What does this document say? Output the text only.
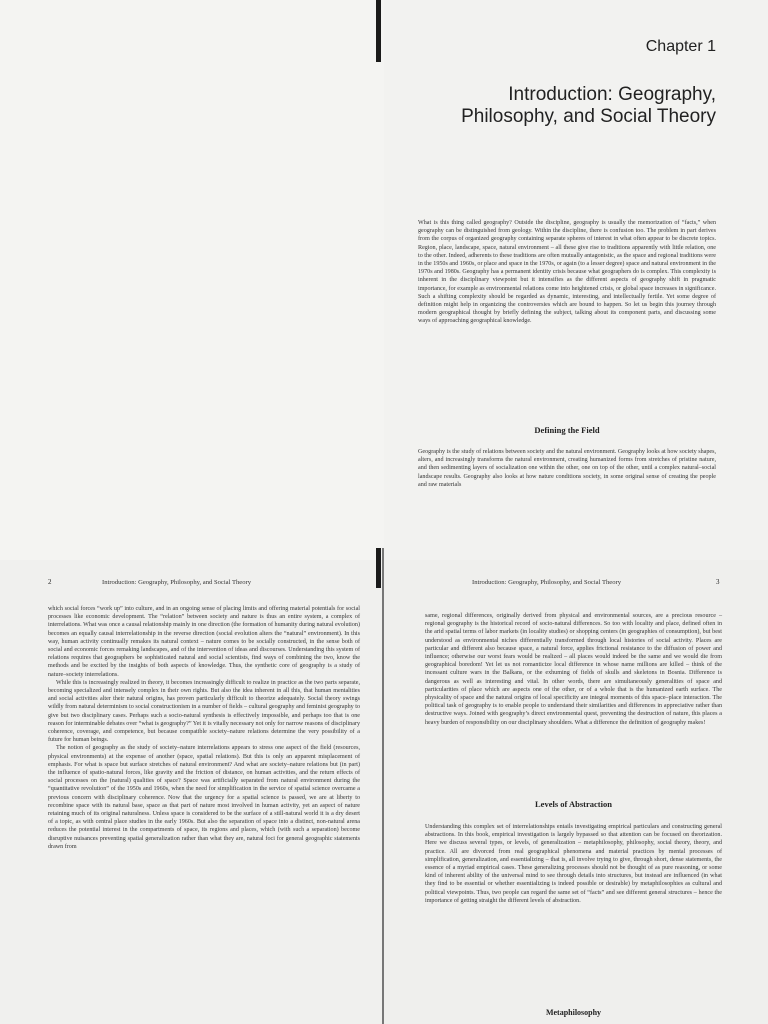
Chapter 1

Introduction: Geography,
Philosophy, and Social Theory

What is this thing called geography? Outside the discipline, geography is usually the memorization of “facts,” when geography can be distinguished from geology. Within the discipline, there is confusion too. The problem in part derives from the corpus of organized geography containing separate spheres of interest in what often appear to be discrete topics. Region, place, landscape, space, natural environment – all these give rise to traditions apparently with little relation, one to the other. Indeed, adherents to these traditions are often mutually antagonistic, as the space and regional traditions were in the 1950s and 1960s, or place and space in the 1970s, or again (to a lesser degree) space and natural environment in the 1970s and 1980s. Geography has a permanent identity crisis because what geographers do is complex. This complexity is inherent in the disciplinary viewpoint but it intensifies as the different aspects of geography shift in pragmatic importance, for example as environmental relations come into heightened crisis, or global space increases in significance. Such a shifting complexity should be regarded as dynamic, interesting, and intellectually fertile. Yet some degree of definition might help in organizing the controversies which are bound to happen. So let us begin this journey through modern geographical thought by briefly defining the subject, talking about its component parts, and discussing some ways of approaching geographical knowledge.

Defining the Field

Geography is the study of relations between society and the natural environment. Geography looks at how society shapes, alters, and increasingly transforms the natural environment, creating humanized forms from stretches of pristine nature, and then sedimenting layers of socialization one within the other, one on top of the other, until a complex natural–social landscape results. Geography also looks at how nature conditions society, in some original sense of creating the people and raw materials

2	Introduction: Geography, Philosophy, and Social Theory

which social forces “work up” into culture, and in an ongoing sense of placing limits and offering material potentials for social processes like economic development. The “relation” between society and nature is thus an entire system, a complex of interrelations. What was once a causal relationship mainly in one direction (the formation of humanity during natural evolution) becomes an equally causal interrelationship in the reverse direction (social evolution alters the “natural” environment). In this way, human activity continually remakes its natural context – nature comes to be socially constructed, in the sense both of social and economic forces remaking landscapes, and of the intervention of ideas and discourses. Understanding this system of relations requires that geographers be sophisticated natural and social scientists, find ways of combining the two, know the methods and be excited by the insights of both aspects of knowledge. Thus, the synthetic core of geography is a study of nature–society interrelations.

While this is increasingly realized in theory, it becomes increasingly difficult to realize in practice as the two parts separate, becoming specialized and intensely complex in their own rights. But also the idea inherent in all this, that human mentalities and social activities alter their natural origins, has proven particularly difficult to theorize adequately. Social theory swings wildly from natural determinism to social constructionism in a number of fields – cultural geography and feminist geography to give but two disciplinary cases. Perhaps such a socio-natural synthesis is effectively impossible, and perhaps too that is one reason for interminable debates over “what is geography?” Yet it is vitally necessary not only for narrow reasons of disciplinary coherence, coverage, and competence, but because compatible society–nature relations determine the very possibility of a future for human beings.

The notion of geography as the study of society–nature interrelations appears to stress one aspect of the field (resources, physical environments) at the expense of another (space, spatial relations). But this is only an apparent misplacement of emphasis. For what is space but surface stretches of natural environment? And what are society–nature relations but (in part) the influence of spatio-natural forces, like gravity and the friction of distance, on human activities, and the return effects of social processes on the (natural) qualities of space? Space was artificially separated from natural environment during the “quantitative revolution” of the 1950s and 1960s, when the need for simplification in the service of spatial science overcame a previous concern with disciplinary coherence. Now that the urgency for a spatial science is passed, we are at liberty to recombine space with its natural base, space as that part of nature most involved in human activity, yet an aspect of nature retaining much of its original naturalness. Unless space is considered to be the surface of a still-natural world it is a dry desert of a topic, as with central place studies in the early 1960s. But also the separation of space into a distinct, non-natural arena reduces the potential interest in the compartments of space, its regions and places, which (with such a separation) become disruptive nuisances preventing spatial generalization rather than what they are, natural foci for general geographic statements drawn from

Introduction: Geography, Philosophy, and Social Theory	3

same, regional differences, originally derived from physical and environmental sources, are a precious resource – regional geography is the historical record of socio-natural differences. So too with locality and place, defined often in the arid spatial terms of labor markets (in locality studies) or shopping centers (in geographies of consumption), but best understood as environmental niches differentially transformed through local histories of social activity. Places are particular and different also because space, a natural force, applies frictional resistance to the diffusion of power and influence; otherwise our worst fears would be realized – all places would indeed be the same and we would die from geographical boredom! Yet let us not romanticize local difference in whose name millions are killed – think of the incessant culture wars in the Balkans, or the exhuming of fields of skulls and skeletons in Bosnia. Difference is dangerous as well as interesting and vital. In other words, there are simultaneously generalities of space and particularities of place which are aspects one of the other, or of a whole that is the humanized earth surface. The physicality of space and the natural origins of local specificity are integral moments of this space–place interaction. The political task of geography is to enable people to understand their similarities and differences in appreciative rather than destructive ways. Joined with geography’s direct environmental quest, preventing the destruction of nature, this places a heavy burden of responsibility on our disciplinary shoulders. What a difference the definition of geography makes!

Levels of Abstraction

Understanding this complex set of interrelationships entails investigating empirical particulars and constructing general abstractions. In this book, empirical investigation is largely bypassed so that attention can be focused on theorization. Here we discuss several types, or levels, of generalization – metaphilosophy, philosophy, social theory, theory, and practice. All are divorced from real geographical phenomena and material practices by mental processes of simplification, generalization, and essentializing – that is, all involve trying to give, through short, dense statements, the essence of a myriad empirical cases. These generalizing processes should not be thought of as pure reasoning, or some kind of inherent ability of the universal mind to see through details into structures, but instead are influenced (in what they find to be essential or whether essentializing is indeed possible or desirable) by metaphilosophies as cultural and political viewpoints. Thus, two people can regard the same set of “facts” and see different general structures – hence the importance of getting straight the different levels of abstraction.

Metaphilosophy
